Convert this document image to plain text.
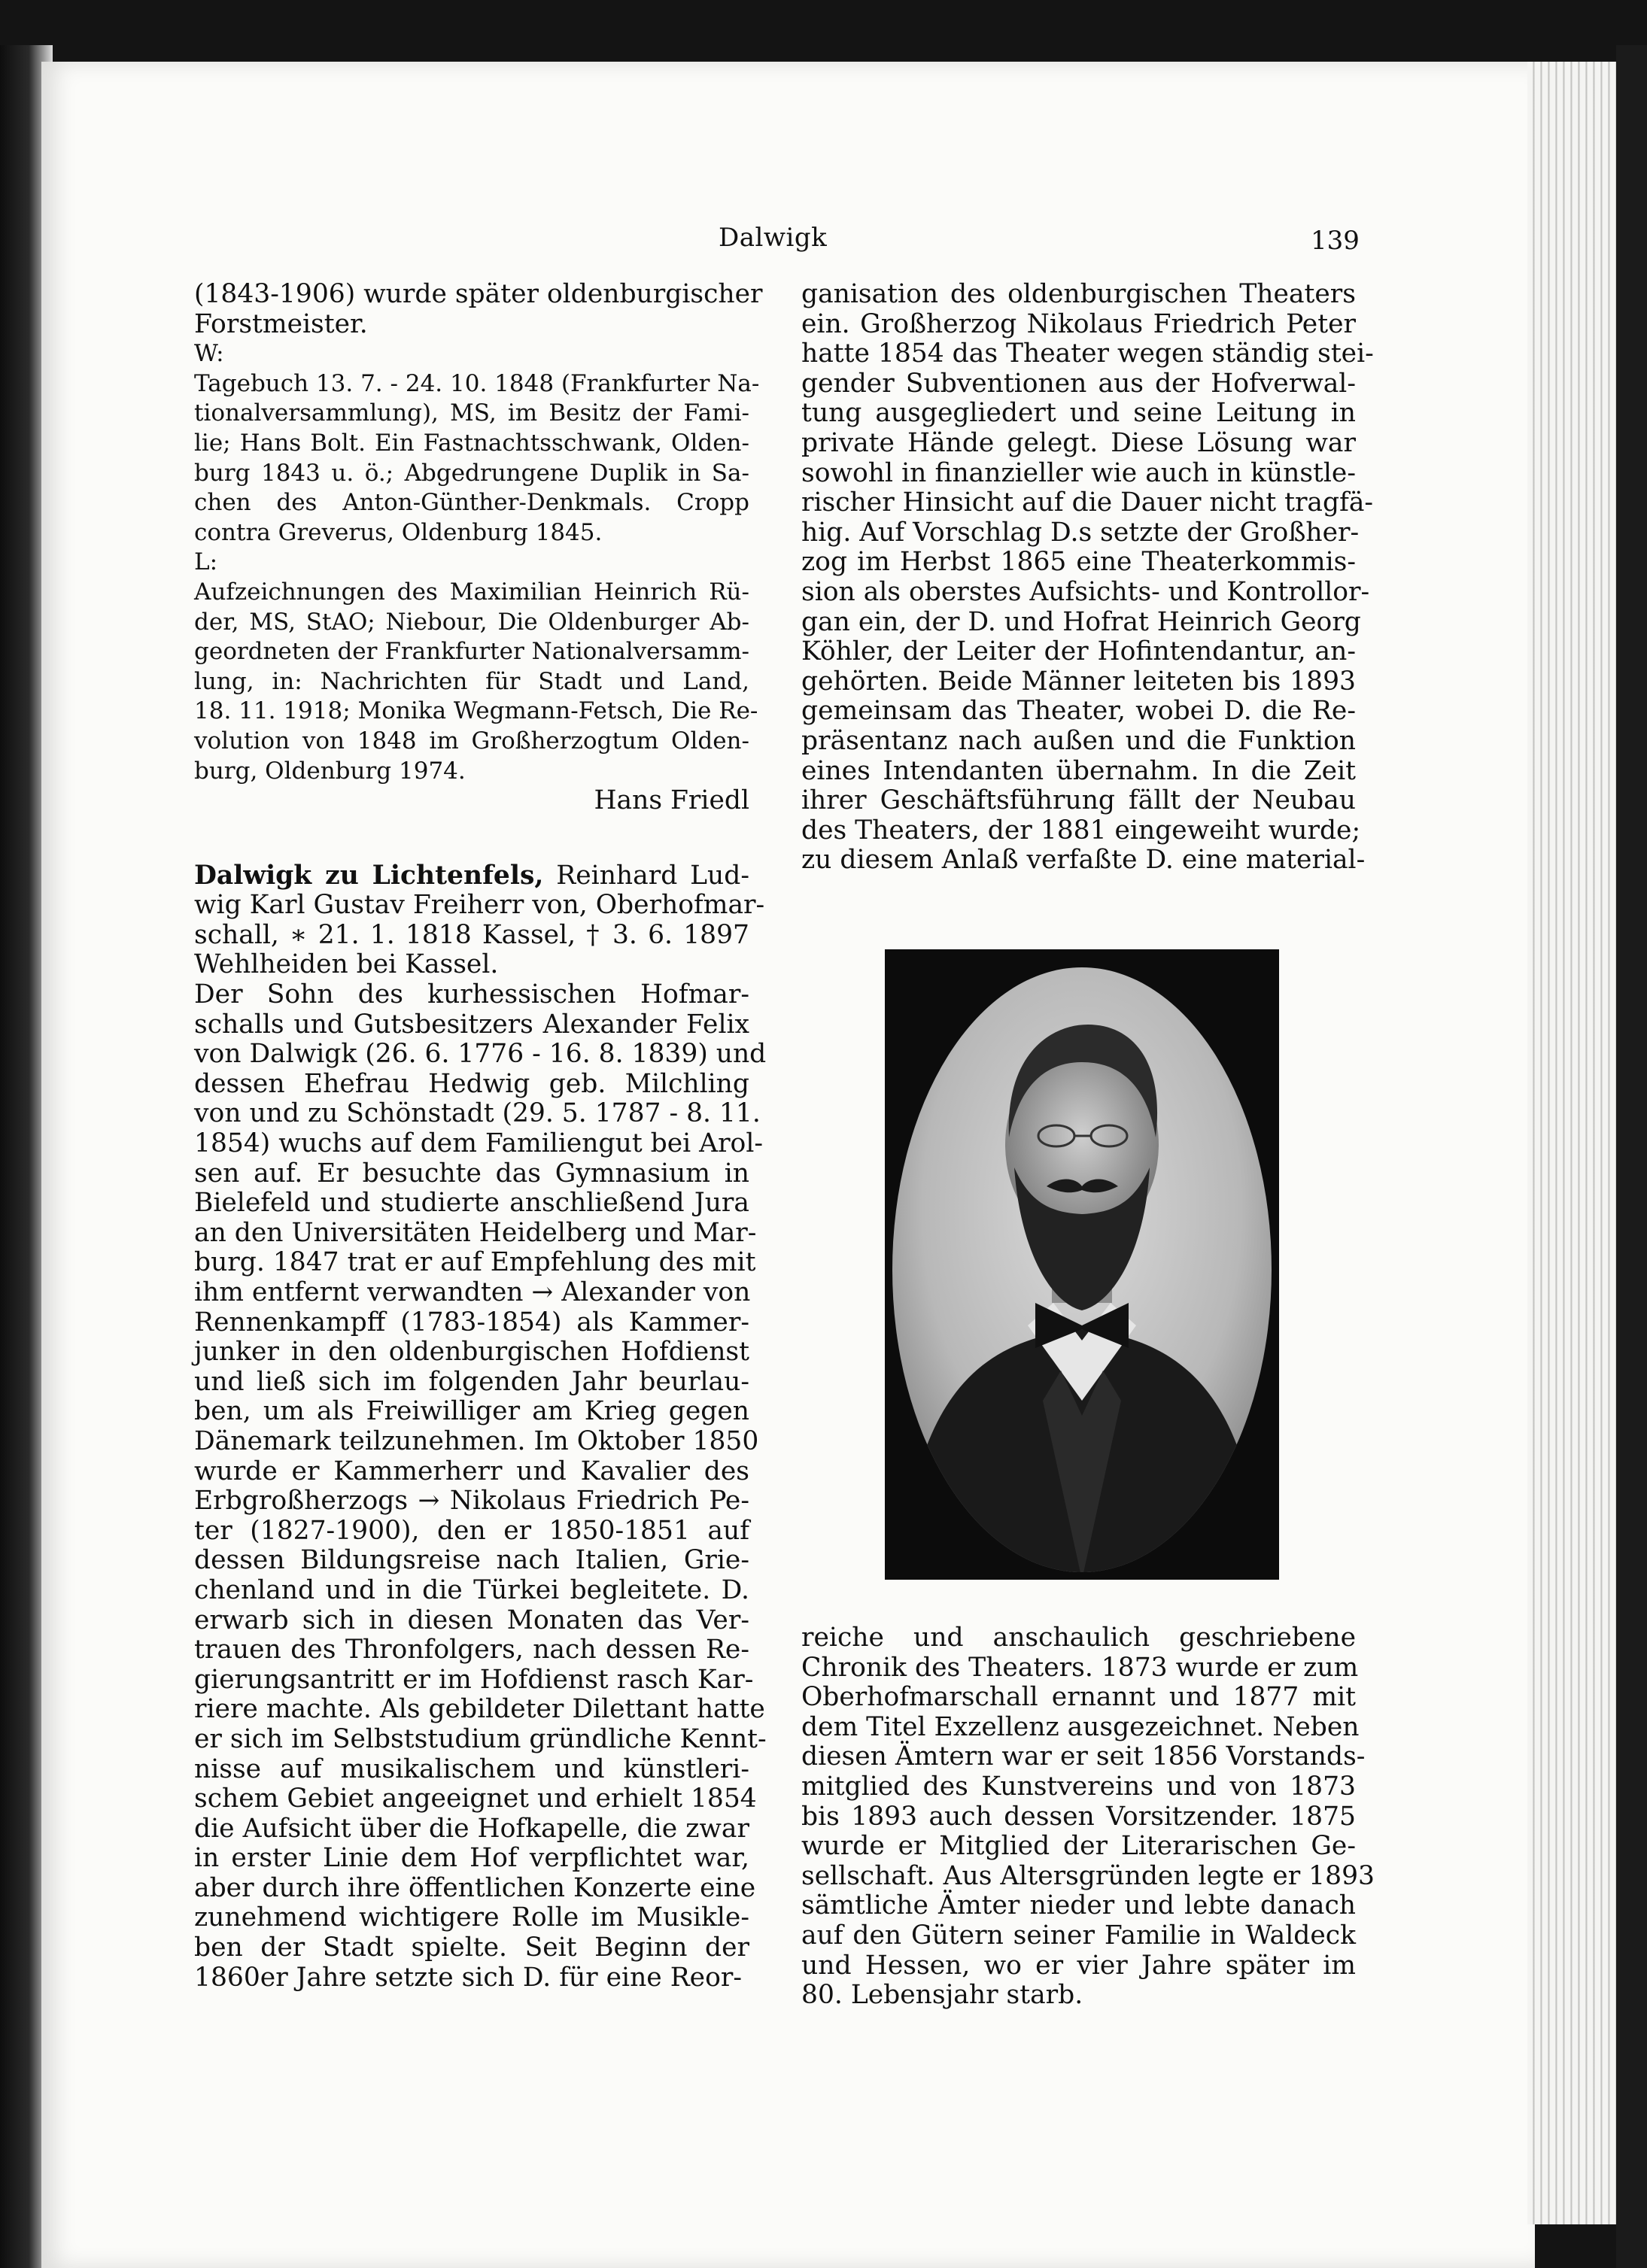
Dalwigk	139
(1843-1906) wurde später oldenburgischer
Forstmeister.
W:
Tagebuch 13. 7. - 24. 10. 1848 (Frankfurter Na-
tionalversammlung), MS, im Besitz der Fami-
lie; Hans Bolt. Ein Fastnachtsschwank, Olden-
burg 1843 u. ö.; Abgedrungene Duplik in Sa-
chen des Anton-Günther-Denkmals. Cropp
contra Greverus, Oldenburg 1845.
L:
Aufzeichnungen des Maximilian Heinrich Rü-
der, MS, StAO; Niebour, Die Oldenburger Ab-
geordneten der Frankfurter Nationalversamm-
lung, in: Nachrichten für Stadt und Land,
18. 11. 1918; Monika Wegmann-Fetsch, Die Re-
volution von 1848 im Großherzogtum Olden-
burg, Oldenburg 1974.
Hans Friedl
Dalwigk zu Lichtenfels, Reinhard Lud-
wig Karl Gustav Freiherr von, Oberhofmar-
schall, ∗ 21. 1. 1818 Kassel, † 3. 6. 1897
Wehlheiden bei Kassel.
Der Sohn des kurhessischen Hofmar-
schalls und Gutsbesitzers Alexander Felix
von Dalwigk (26. 6. 1776 - 16. 8. 1839) und
dessen Ehefrau Hedwig geb. Milchling
von und zu Schönstadt (29. 5. 1787 - 8. 11.
1854) wuchs auf dem Familiengut bei Arol-
sen auf. Er besuchte das Gymnasium in
Bielefeld und studierte anschließend Jura
an den Universitäten Heidelberg und Mar-
burg. 1847 trat er auf Empfehlung des mit
ihm entfernt verwandten → Alexander von
Rennenkampff (1783-1854) als Kammer-
junker in den oldenburgischen Hofdienst
und ließ sich im folgenden Jahr beurlau-
ben, um als Freiwilliger am Krieg gegen
Dänemark teilzunehmen. Im Oktober 1850
wurde er Kammerherr und Kavalier des
Erbgroßherzogs → Nikolaus Friedrich Pe-
ter (1827-1900), den er 1850-1851 auf
dessen Bildungsreise nach Italien, Grie-
chenland und in die Türkei begleitete. D.
erwarb sich in diesen Monaten das Ver-
trauen des Thronfolgers, nach dessen Re-
gierungsantritt er im Hofdienst rasch Kar-
riere machte. Als gebildeter Dilettant hatte
er sich im Selbststudium gründliche Kennt-
nisse auf musikalischem und künstleri-
schem Gebiet angeeignet und erhielt 1854
die Aufsicht über die Hofkapelle, die zwar
in erster Linie dem Hof verpflichtet war,
aber durch ihre öffentlichen Konzerte eine
zunehmend wichtigere Rolle im Musikle-
ben der Stadt spielte. Seit Beginn der
1860er Jahre setzte sich D. für eine Reor-
ganisation des oldenburgischen Theaters
ein. Großherzog Nikolaus Friedrich Peter
hatte 1854 das Theater wegen ständig stei-
gender Subventionen aus der Hofverwal-
tung ausgegliedert und seine Leitung in
private Hände gelegt. Diese Lösung war
sowohl in finanzieller wie auch in künstle-
rischer Hinsicht auf die Dauer nicht tragfä-
hig. Auf Vorschlag D.s setzte der Großher-
zog im Herbst 1865 eine Theaterkommis-
sion als oberstes Aufsichts- und Kontrollor-
gan ein, der D. und Hofrat Heinrich Georg
Köhler, der Leiter der Hofintendantur, an-
gehörten. Beide Männer leiteten bis 1893
gemeinsam das Theater, wobei D. die Re-
präsentanz nach außen und die Funktion
eines Intendanten übernahm. In die Zeit
ihrer Geschäftsführung fällt der Neubau
des Theaters, der 1881 eingeweiht wurde;
zu diesem Anlaß verfaßte D. eine material-
reiche und anschaulich geschriebene
Chronik des Theaters. 1873 wurde er zum
Oberhofmarschall ernannt und 1877 mit
dem Titel Exzellenz ausgezeichnet. Neben
diesen Ämtern war er seit 1856 Vorstands-
mitglied des Kunstvereins und von 1873
bis 1893 auch dessen Vorsitzender. 1875
wurde er Mitglied der Literarischen Ge-
sellschaft. Aus Altersgründen legte er 1893
sämtliche Ämter nieder und lebte danach
auf den Gütern seiner Familie in Waldeck
und Hessen, wo er vier Jahre später im
80. Lebensjahr starb.
